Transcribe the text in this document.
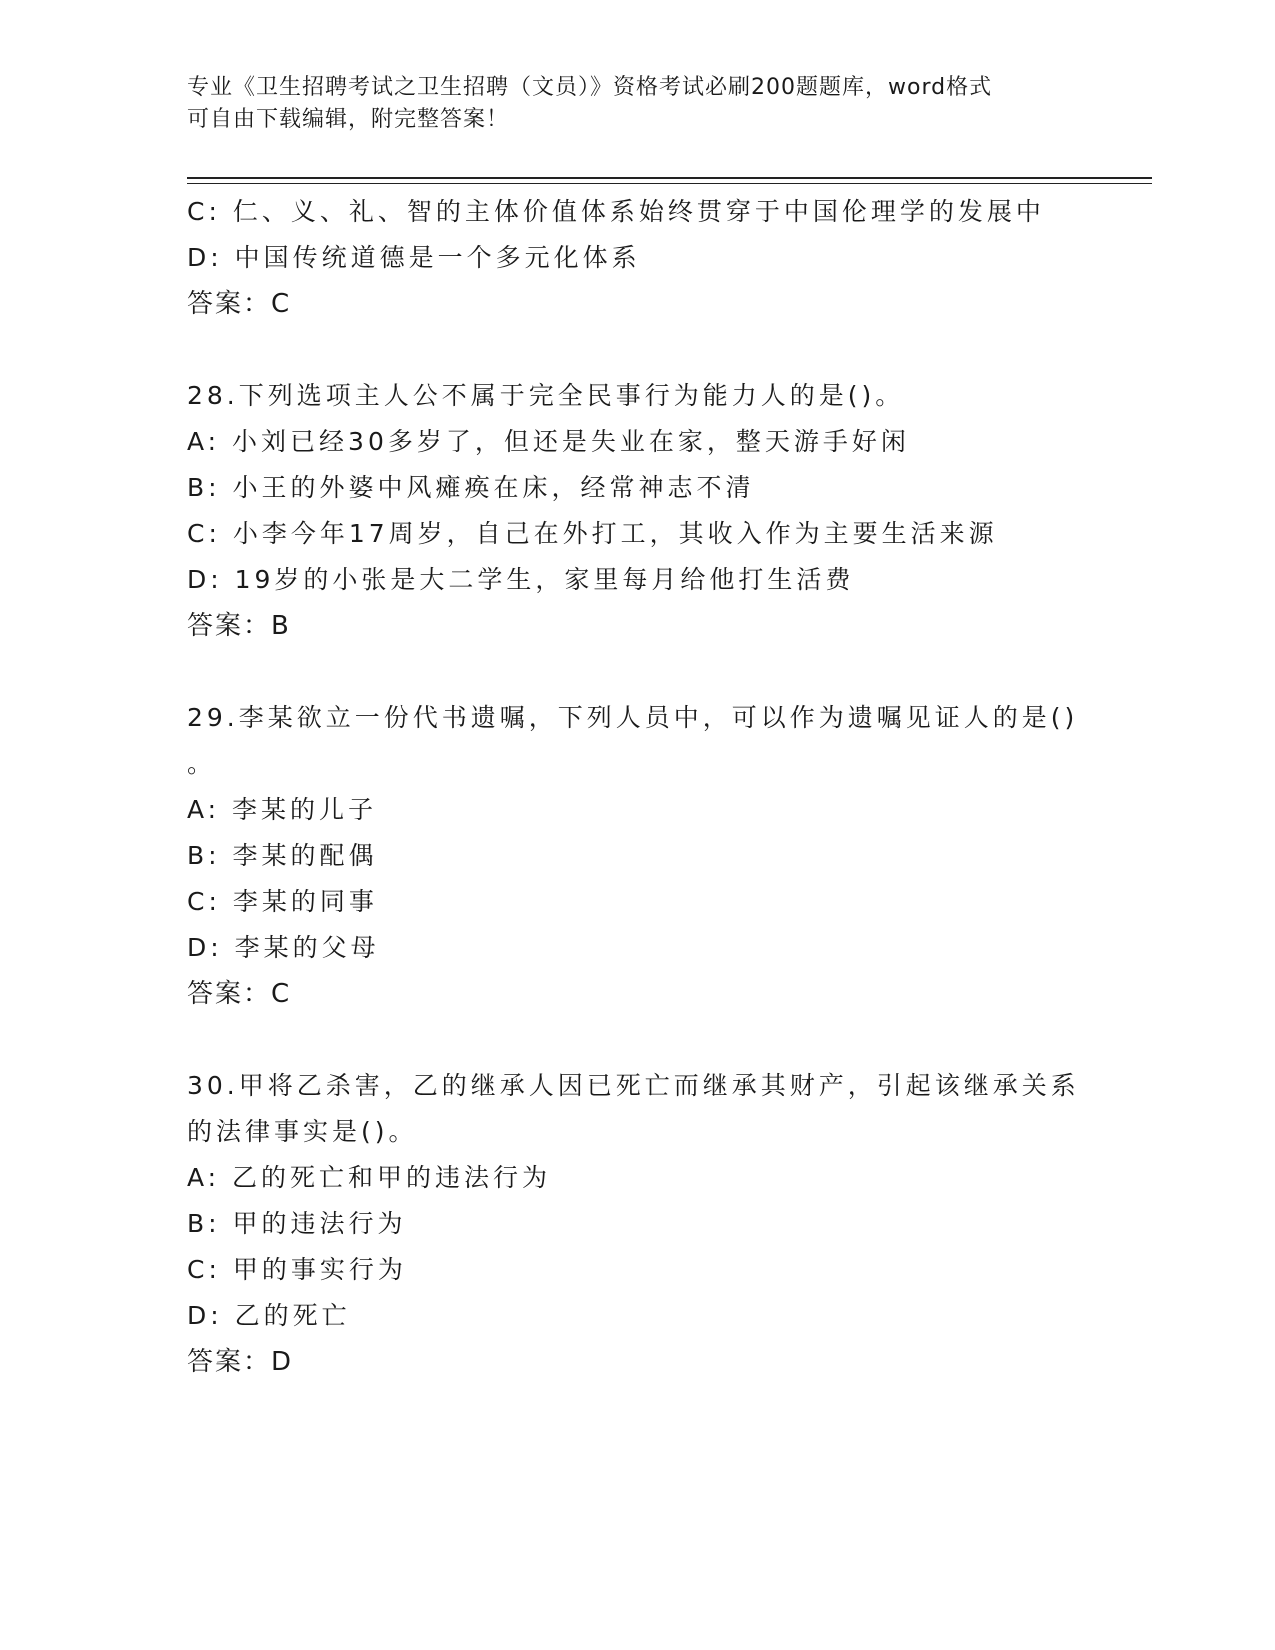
专业《卫生招聘考试之卫生招聘（文员）》资格考试必刷200题题库，word格式
可自由下载编辑，附完整答案！
C: 仁、义、礼、智的主体价值体系始终贯穿于中国伦理学的发展中
D: 中国传统道德是一个多元化体系
答案：C
28.下列选项主人公不属于完全民事行为能力人的是()。
A: 小刘已经30多岁了，但还是失业在家，整天游手好闲
B: 小王的外婆中风瘫痪在床，经常神志不清
C: 小李今年17周岁，自己在外打工，其收入作为主要生活来源
D: 19岁的小张是大二学生，家里每月给他打生活费
答案：B
29.李某欲立一份代书遗嘱，下列人员中，可以作为遗嘱见证人的是()
。
A: 李某的儿子
B: 李某的配偶
C: 李某的同事
D: 李某的父母
答案：C
30.甲将乙杀害，乙的继承人因已死亡而继承其财产，引起该继承关系
的法律事实是()。
A: 乙的死亡和甲的违法行为
B: 甲的违法行为
C: 甲的事实行为
D: 乙的死亡
答案：D
